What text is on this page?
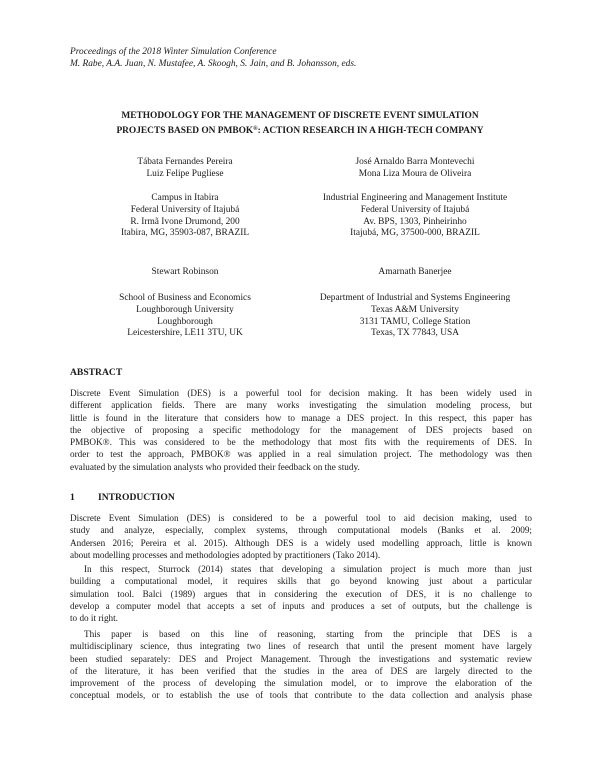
Proceedings of the 2018 Winter Simulation Conference
M. Rabe, A.A. Juan, N. Mustafee, A. Skoogh, S. Jain, and B. Johansson, eds.
METHODOLOGY FOR THE MANAGEMENT OF DISCRETE EVENT SIMULATION
PROJECTS BASED ON PMBOK®: ACTION RESEARCH IN A HIGH-TECH COMPANY
Tábata Fernandes Pereira
Luiz Felipe Pugliese
José Arnaldo Barra Montevechi
Mona Liza Moura de Oliveira
Campus in Itabira
Federal University of Itajubá
R. Irmã Ivone Drumond, 200
Itabira, MG, 35903-087, BRAZIL
Industrial Engineering and Management Institute
Federal University of Itajubá
Av. BPS, 1303, Pinheirinho
Itajubá, MG, 37500-000, BRAZIL
Stewart Robinson	Amarnath Banerjee
School of Business and Economics
Loughborough University
Loughborough
Leicestershire, LE11 3TU, UK
Department of Industrial and Systems Engineering
Texas A&M University
3131 TAMU, College Station
Texas, TX 77843, USA
ABSTRACT
Discrete Event Simulation (DES) is a powerful tool for decision making. It has been widely used in
different application fields. There are many works investigating the simulation modeling process, but
little is found in the literature that considers how to manage a DES project. In this respect, this paper has
the objective of proposing a specific methodology for the management of DES projects based on
PMBOK®. This was considered to be the methodology that most fits with the requirements of DES. In
order to test the approach, PMBOK® was applied in a real simulation project. The methodology was then
evaluated by the simulation analysts who provided their feedback on the study.
1 INTRODUCTION
Discrete Event Simulation (DES) is considered to be a powerful tool to aid decision making, used to
study and analyze, especially, complex systems, through computational models (Banks et al. 2009;
Andersen 2016; Pereira et al. 2015). Although DES is a widely used modelling approach, little is known
about modelling processes and methodologies adopted by practitioners (Tako 2014).
In this respect, Sturrock (2014) states that developing a simulation project is much more than just
building a computational model, it requires skills that go beyond knowing just about a particular
simulation tool. Balci (1989) argues that in considering the execution of DES, it is no challenge to
develop a computer model that accepts a set of inputs and produces a set of outputs, but the challenge is
to do it right.
This paper is based on this line of reasoning, starting from the principle that DES is a
multidisciplinary science, thus integrating two lines of research that until the present moment have largely
been studied separately: DES and Project Management. Through the investigations and systematic review
of the literature, it has been verified that the studies in the area of DES are largely directed to the
improvement of the process of developing the simulation model, or to improve the elaboration of the
conceptual models, or to establish the use of tools that contribute to the data collection and analysis phase
